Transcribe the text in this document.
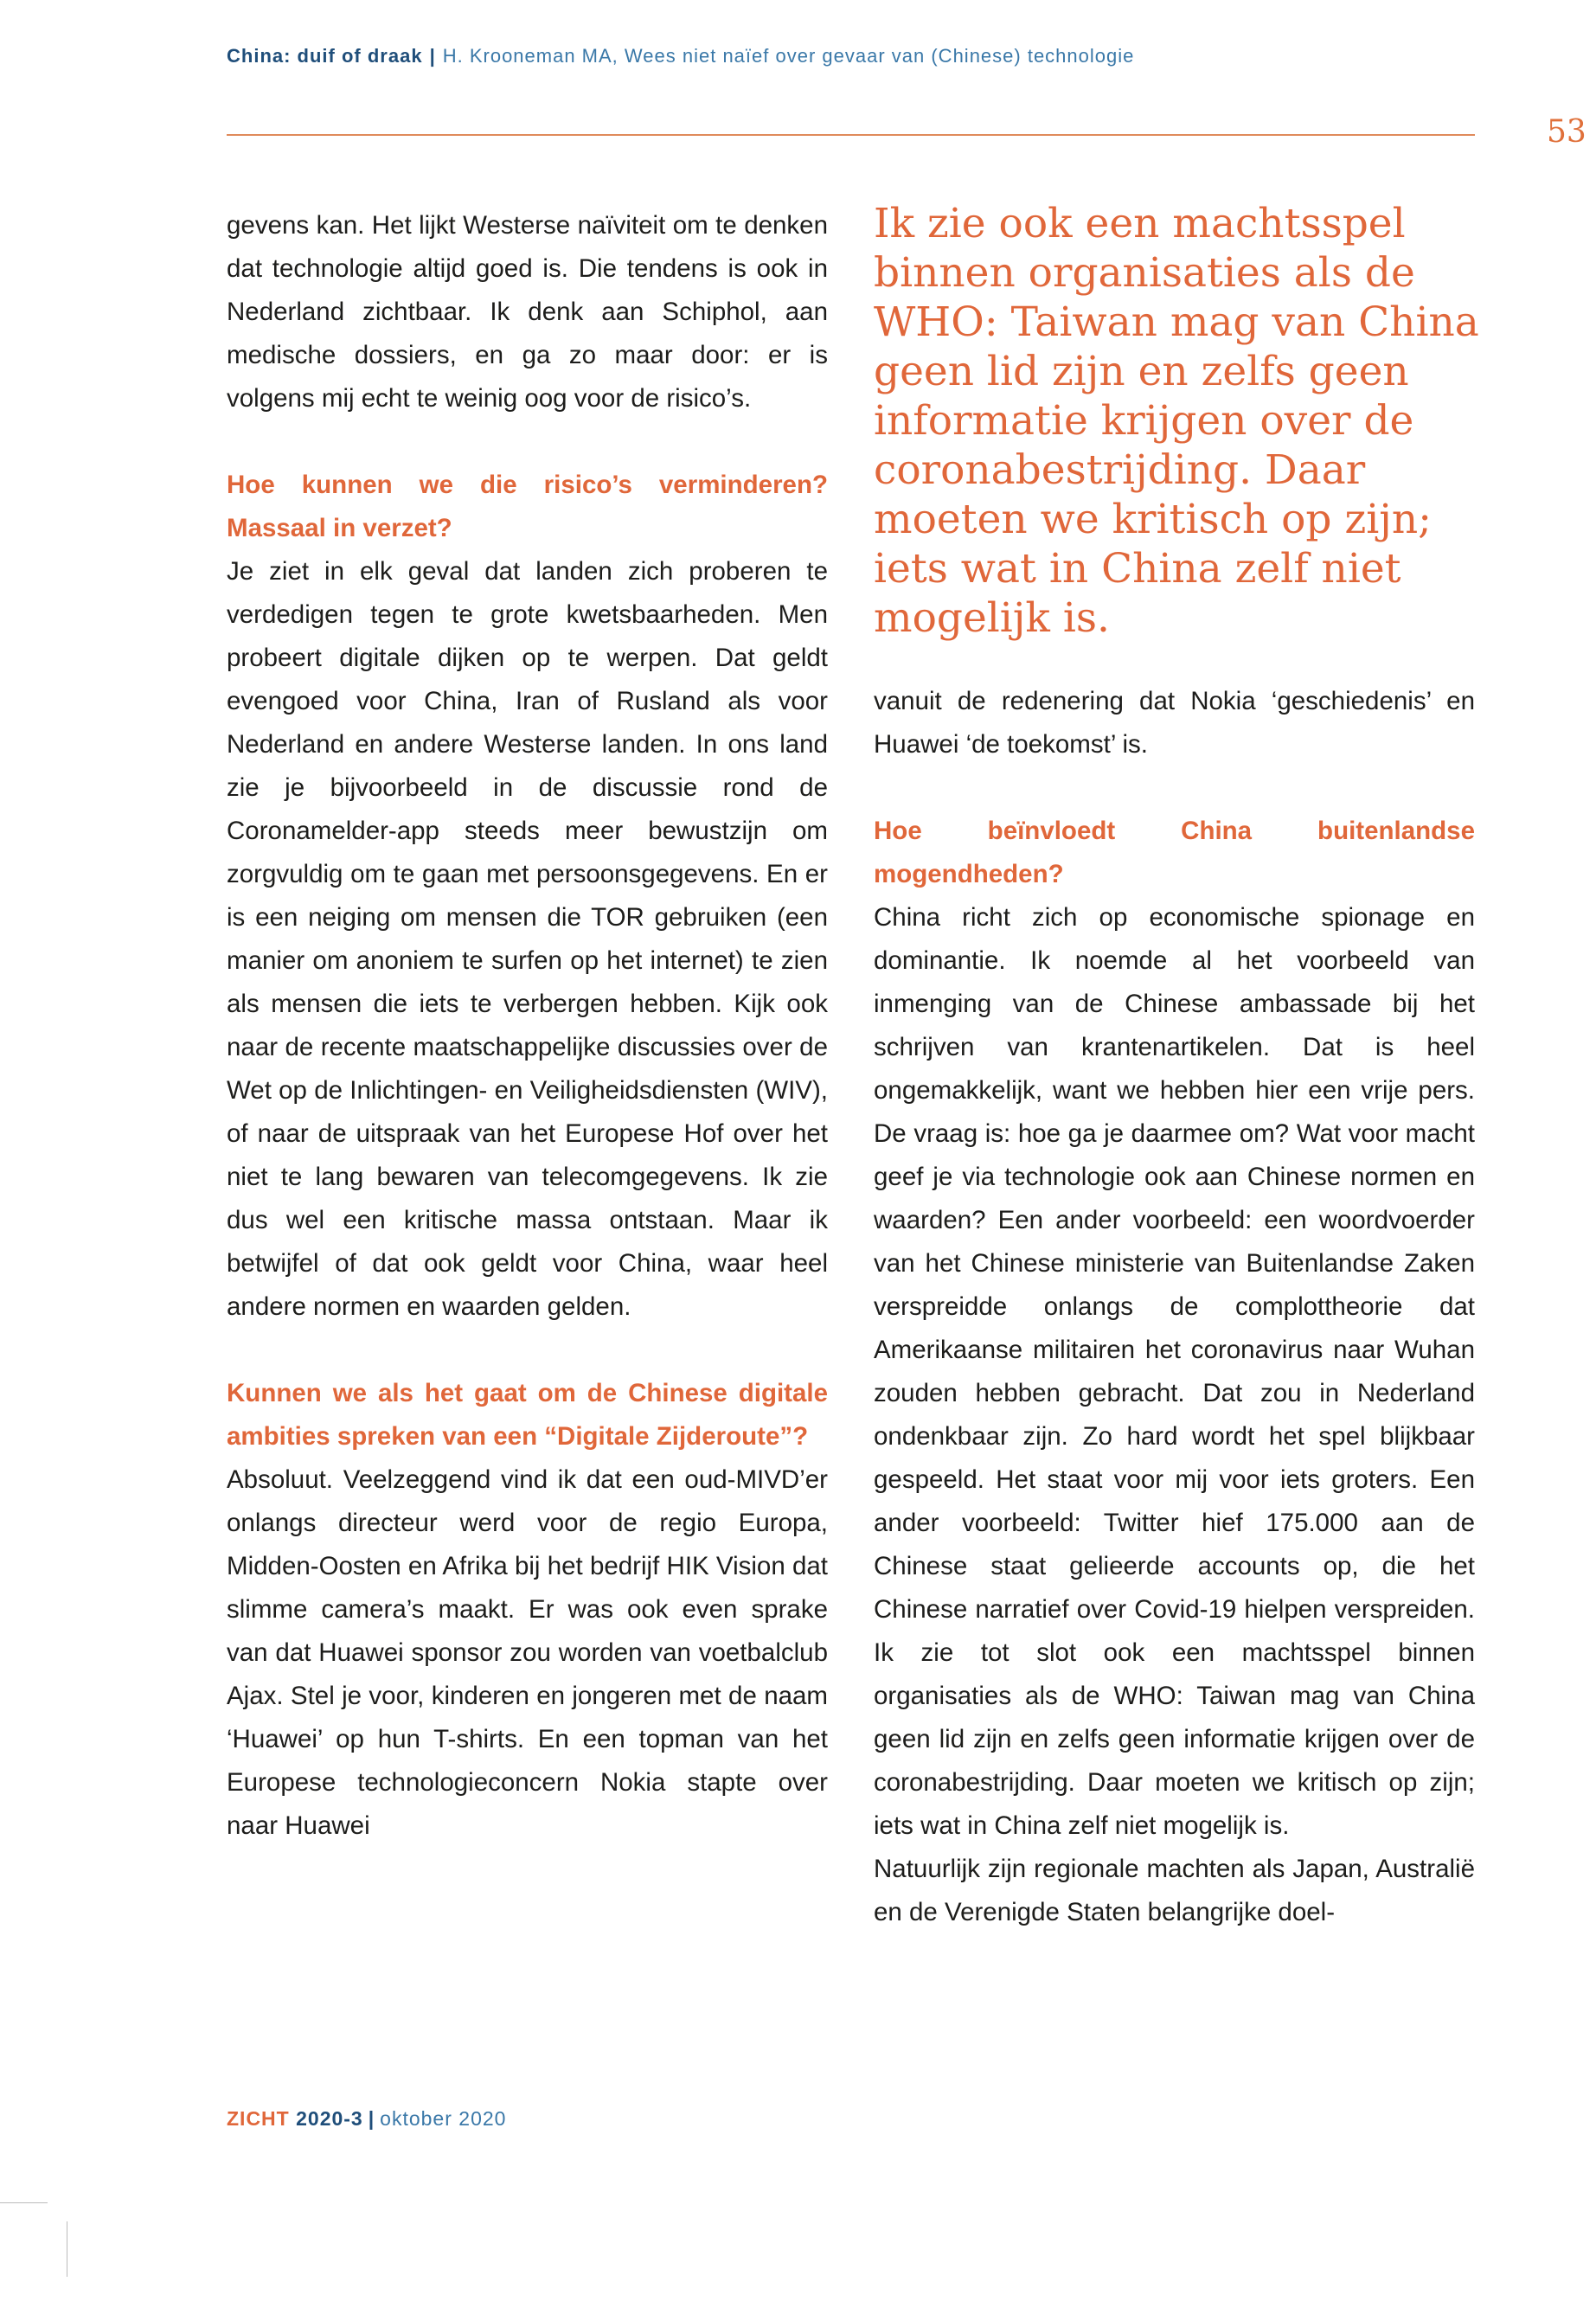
China: duif of draak | H. Krooneman MA, Wees niet naïef over gevaar van (Chinese) technologie
53

gevens kan. Het lijkt Westerse naïviteit om te denken dat technologie altijd goed is. Die tendens is ook in Nederland zichtbaar. Ik denk aan Schiphol, aan medische dossiers, en ga zo maar door: er is volgens mij echt te weinig oog voor de risico’s.

Hoe kunnen we die risico’s verminderen? Massaal in verzet?

Je ziet in elk geval dat landen zich proberen te verdedigen tegen te grote kwetsbaarheden. Men probeert digitale dijken op te werpen. Dat geldt evengoed voor China, Iran of Rusland als voor Nederland en andere Westerse landen. In ons land zie je bijvoorbeeld in de discussie rond de Coronamelder-app steeds meer bewustzijn om zorgvuldig om te gaan met persoonsgegevens. En er is een neiging om mensen die TOR gebruiken (een manier om anoniem te surfen op het internet) te zien als mensen die iets te verbergen hebben. Kijk ook naar de recente maatschappelijke discussies over de Wet op de Inlichtingen- en Veiligheidsdiensten (WIV), of naar de uitspraak van het Europese Hof over het niet te lang bewaren van telecomgegevens. Ik zie dus wel een kritische massa ontstaan. Maar ik betwijfel of dat ook geldt voor China, waar heel andere normen en waarden gelden.

Kunnen we als het gaat om de Chinese digitale ambities spreken van een “Digitale Zijderoute”?

Absoluut. Veelzeggend vind ik dat een oud-MIVD’er onlangs directeur werd voor de regio Europa, Midden-Oosten en Afrika bij het bedrijf HIK Vision dat slimme camera’s maakt. Er was ook even sprake van dat Huawei sponsor zou worden van voetbalclub Ajax. Stel je voor, kinderen en jongeren met de naam ‘Huawei’ op hun T-shirts. En een topman van het Europese technologieconcern Nokia stapte over naar Huawei

Ik zie ook een machtsspel binnen organisaties als de WHO: Taiwan mag van China geen lid zijn en zelfs geen informatie krijgen over de coronabestrijding. Daar moeten we kritisch op zijn; iets wat in China zelf niet mogelijk is.

vanuit de redenering dat Nokia ‘geschiedenis’ en Huawei ‘de toekomst’ is.

Hoe beïnvloedt China buitenlandse mogendheden?

China richt zich op economische spionage en dominantie. Ik noemde al het voorbeeld van inmenging van de Chinese ambassade bij het schrijven van krantenartikelen. Dat is heel ongemakkelijk, want we hebben hier een vrije pers. De vraag is: hoe ga je daarmee om? Wat voor macht geef je via technologie ook aan Chinese normen en waarden? Een ander voorbeeld: een woordvoerder van het Chinese ministerie van Buitenlandse Zaken verspreidde onlangs de complottheorie dat Amerikaanse militairen het coronavirus naar Wuhan zouden hebben gebracht. Dat zou in Nederland ondenkbaar zijn. Zo hard wordt het spel blijkbaar gespeeld. Het staat voor mij voor iets groters. Een ander voorbeeld: Twitter hief 175.000 aan de Chinese staat gelieerde accounts op, die het Chinese narratief over Covid-19 hielpen verspreiden. Ik zie tot slot ook een machtsspel binnen organisaties als de WHO: Taiwan mag van China geen lid zijn en zelfs geen informatie krijgen over de coronabestrijding. Daar moeten we kritisch op zijn; iets wat in China zelf niet mogelijk is.

Natuurlijk zijn regionale machten als Japan, Australië en de Verenigde Staten belangrijke doel-

ZICHT 2020-3 | oktober 2020
